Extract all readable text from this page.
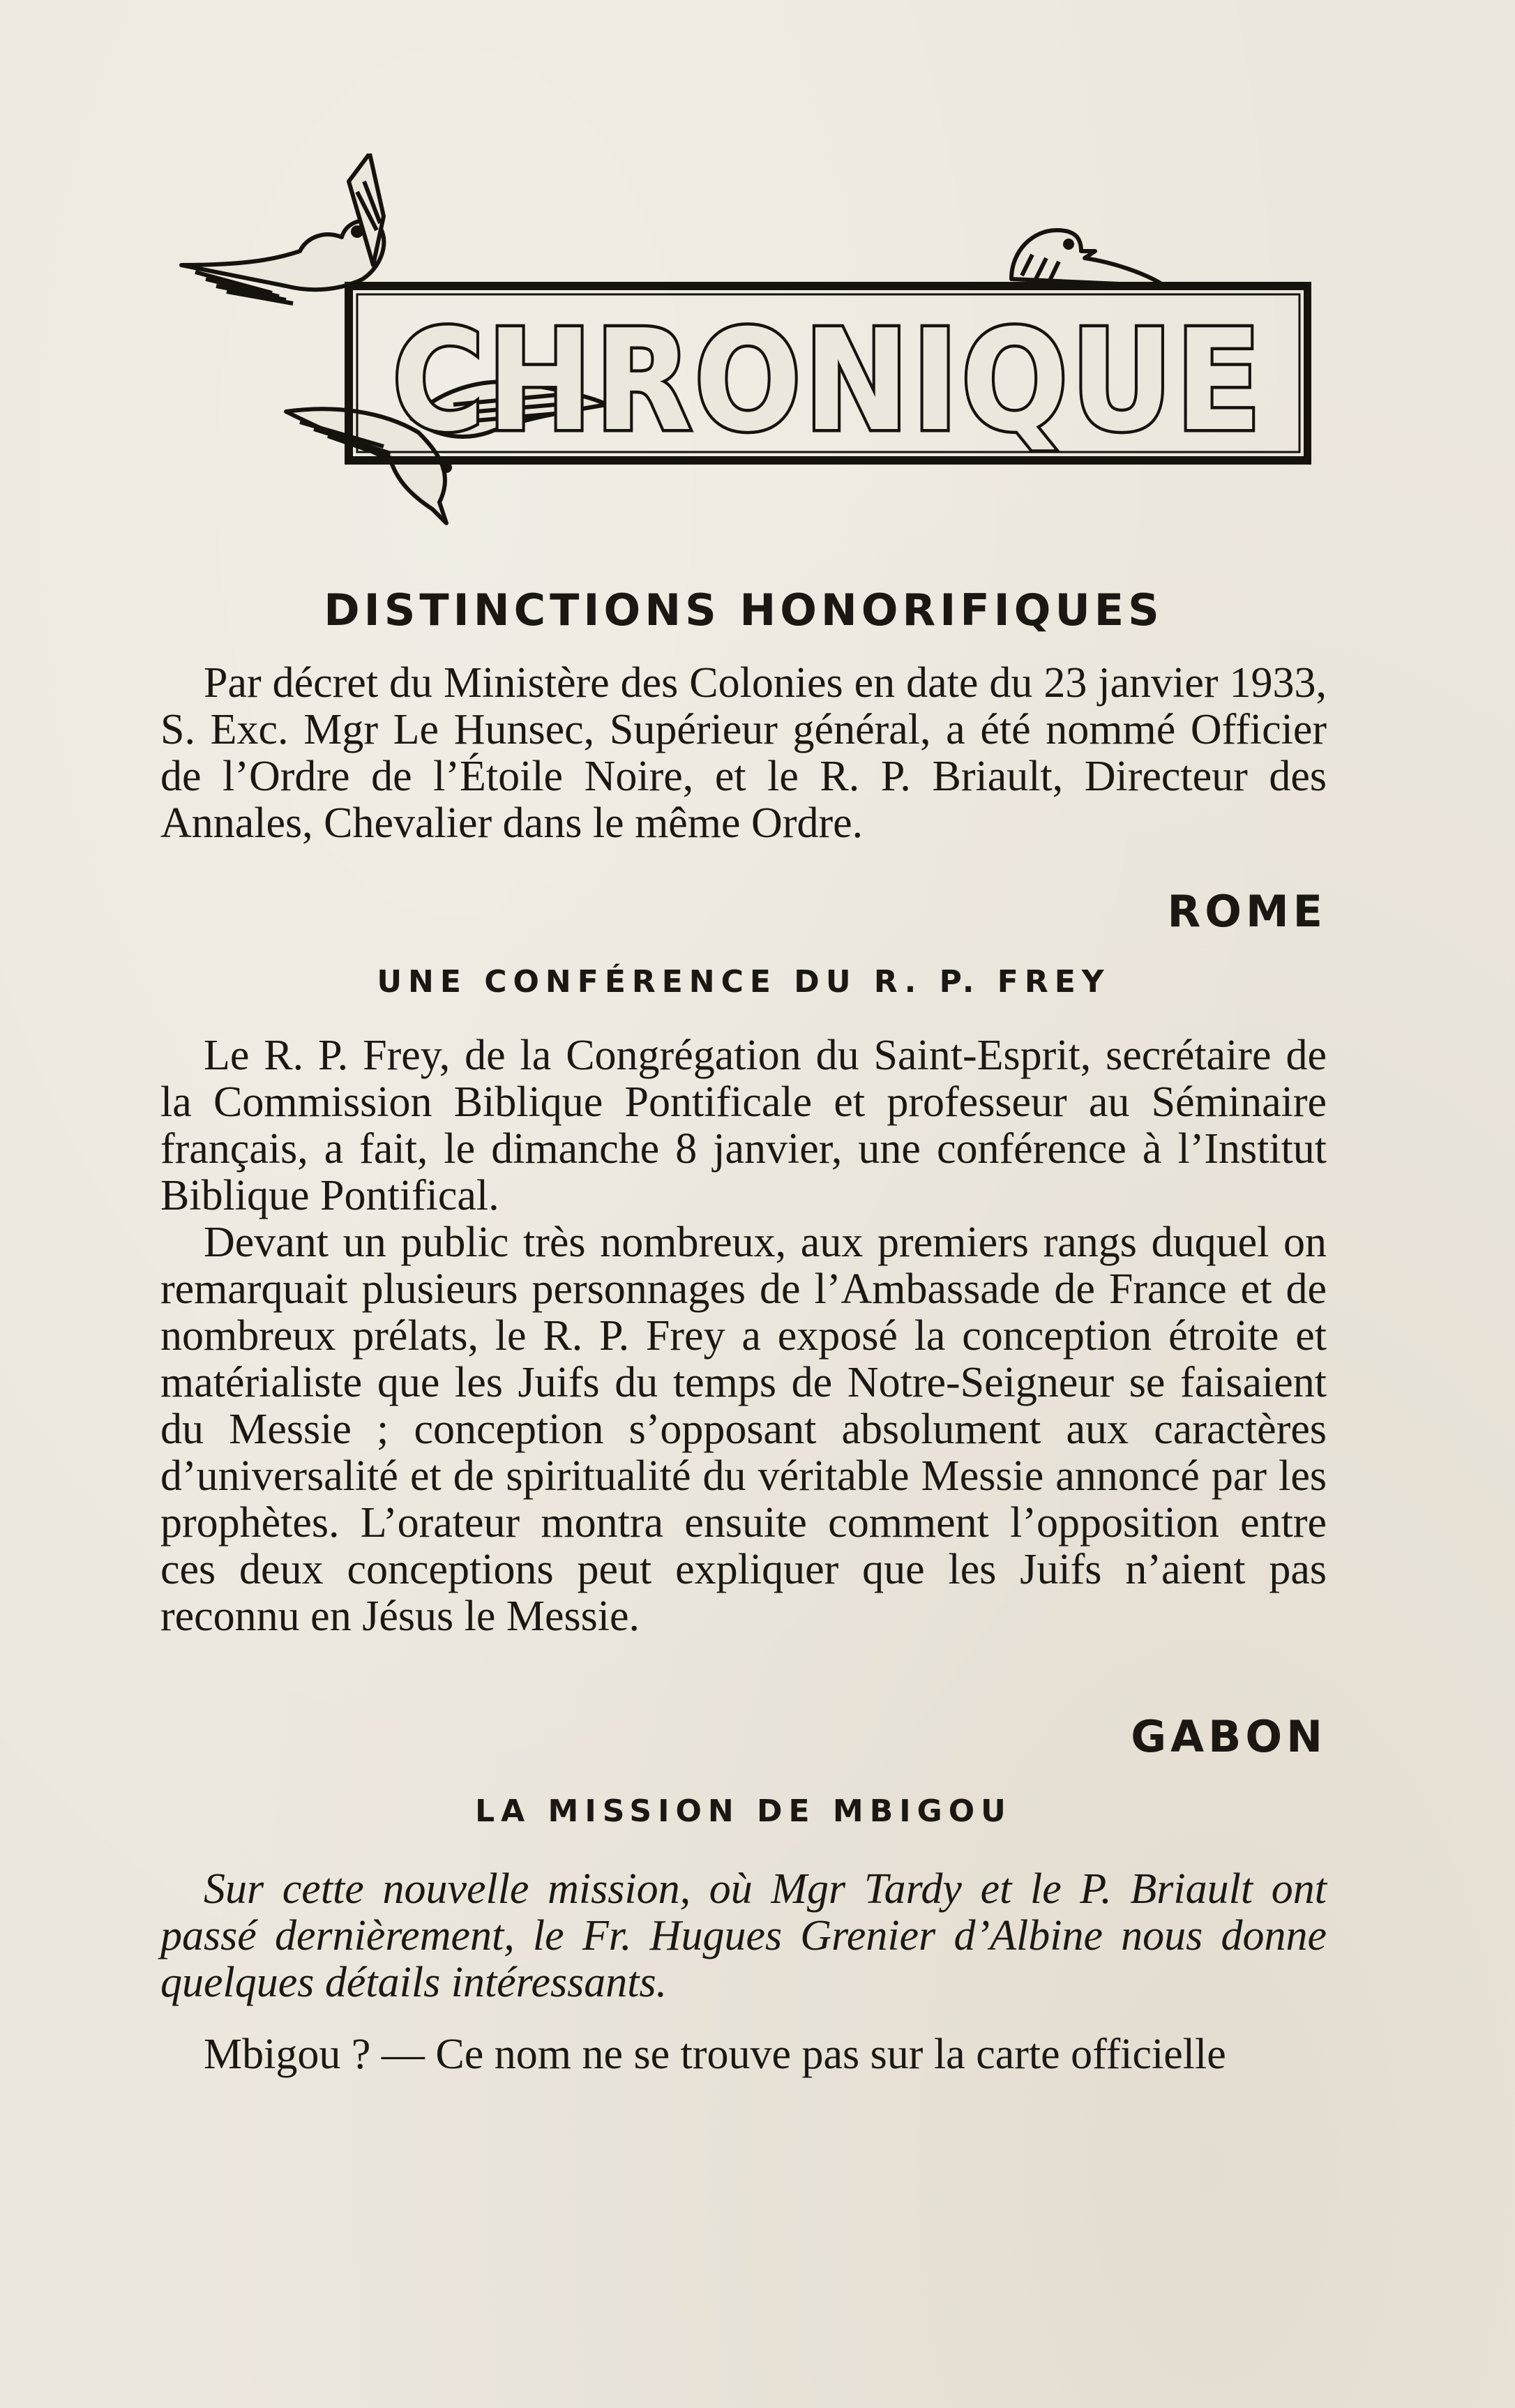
CHRONIQUE
DISTINCTIONS HONORIFIQUES

Par décret du Ministère des Colonies en date du 23 janvier 1933, S. Exc. Mgr Le Hunsec, Supérieur général, a été nommé Officier de l’Ordre de l’Étoile Noire, et le R. P. Briault, Directeur des Annales, Chevalier dans le même Ordre.

ROME
UNE CONFÉRENCE DU R. P. FREY

Le R. P. Frey, de la Congrégation du Saint-Esprit, secrétaire de la Commission Biblique Pontificale et professeur au Séminaire français, a fait, le dimanche 8 janvier, une conférence à l’Institut Biblique Pontifical.

Devant un public très nombreux, aux premiers rangs duquel on remarquait plusieurs personnages de l’Ambassade de France et de nombreux prélats, le R. P. Frey a exposé la conception étroite et matérialiste que les Juifs du temps de Notre-Seigneur se faisaient du Messie ; conception s’opposant absolument aux caractères d’universalité et de spiritualité du véritable Messie annoncé par les prophètes. L’orateur montra ensuite comment l’opposition entre ces deux conceptions peut expliquer que les Juifs n’aient pas reconnu en Jésus le Messie.

GABON
LA MISSION DE MBIGOU

Sur cette nouvelle mission, où Mgr Tardy et le P. Briault ont passé dernièrement, le Fr. Hugues Grenier d’Albine nous donne quelques détails intéressants.

Mbigou ? — Ce nom ne se trouve pas sur la carte officielle
